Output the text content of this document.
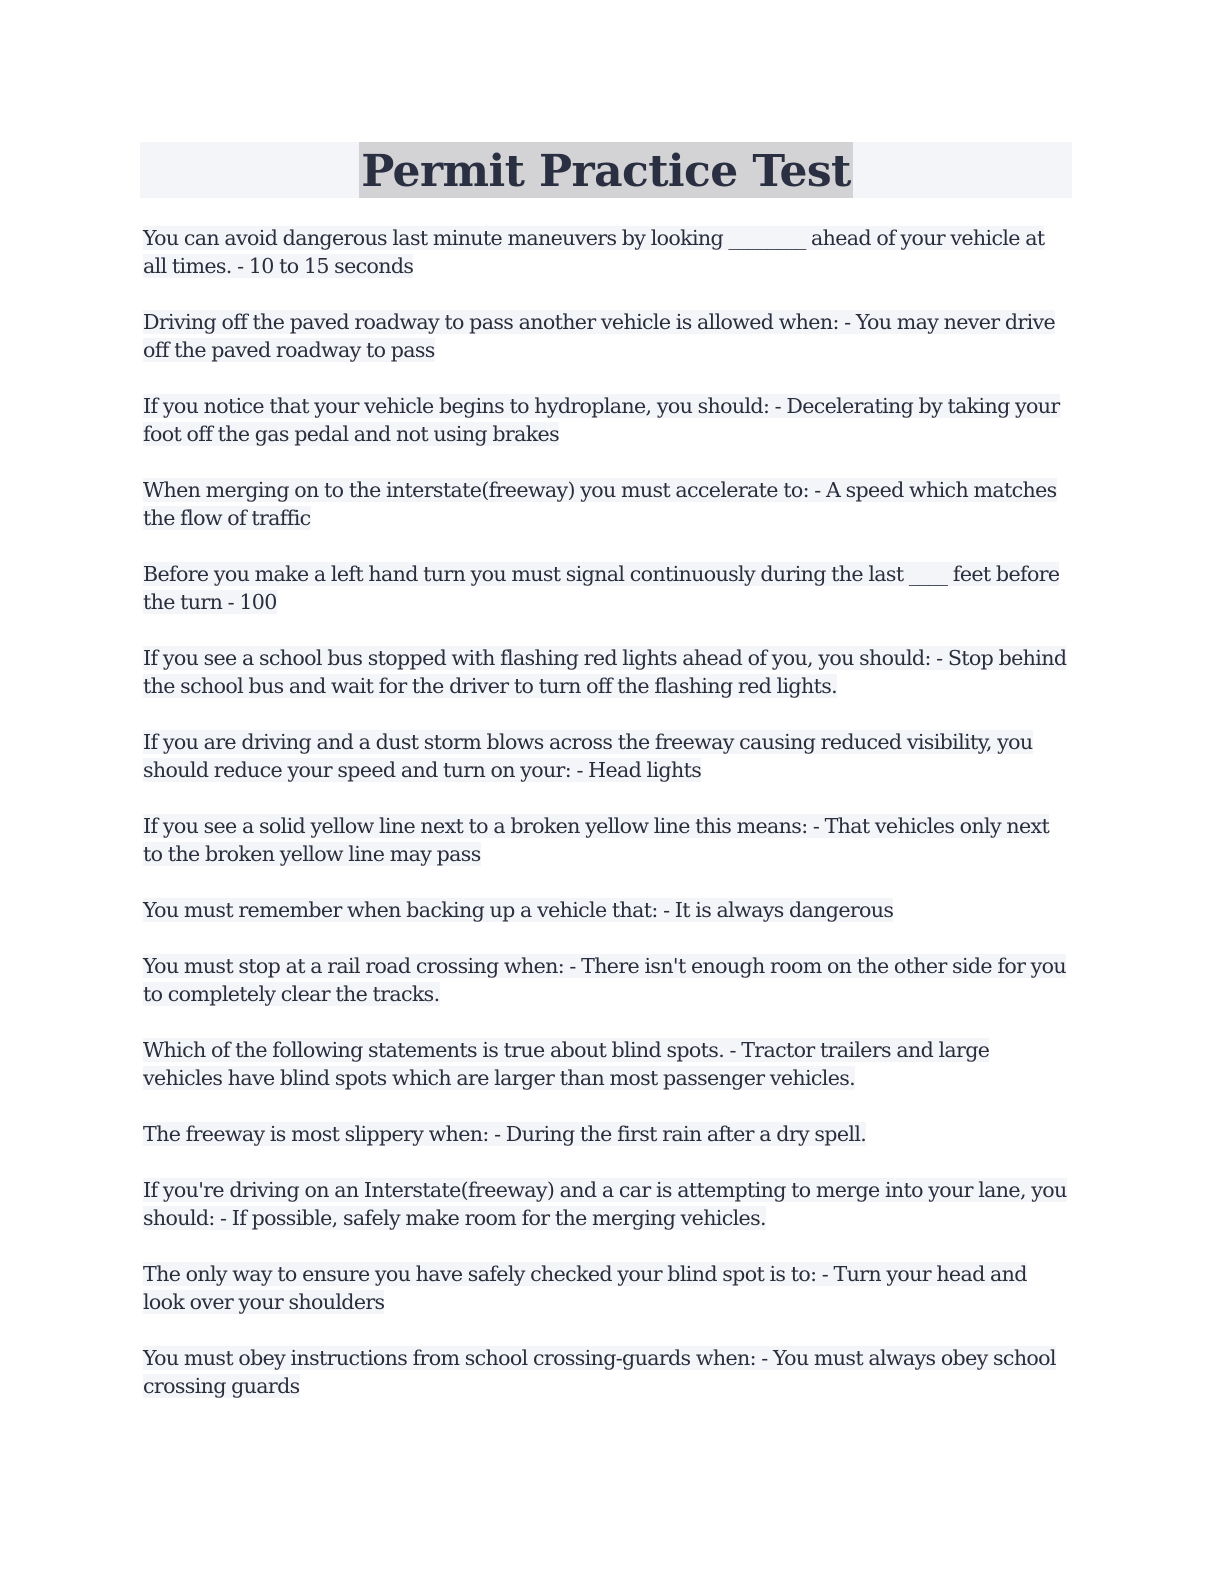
Permit Practice Test
You can avoid dangerous last minute maneuvers by looking ________ ahead of your vehicle at all times. - 10 to 15 seconds
Driving off the paved roadway to pass another vehicle is allowed when: - You may never drive off the paved roadway to pass
If you notice that your vehicle begins to hydroplane, you should: - Decelerating by taking your foot off the gas pedal and not using brakes
When merging on to the interstate(freeway) you must accelerate to: - A speed which matches the flow of traffic
Before you make a left hand turn you must signal continuously during the last ____ feet before the turn - 100
If you see a school bus stopped with flashing red lights ahead of you, you should: - Stop behind the school bus and wait for the driver to turn off the flashing red lights.
If you are driving and a dust storm blows across the freeway causing reduced visibility, you should reduce your speed and turn on your: - Head lights
If you see a solid yellow line next to a broken yellow line this means: - That vehicles only next to the broken yellow line may pass
You must remember when backing up a vehicle that: - It is always dangerous
You must stop at a rail road crossing when: - There isn't enough room on the other side for you to completely clear the tracks.
Which of the following statements is true about blind spots. - Tractor trailers and large vehicles have blind spots which are larger than most passenger vehicles.
The freeway is most slippery when: - During the first rain after a dry spell.
If you're driving on an Interstate(freeway) and a car is attempting to merge into your lane, you should: - If possible, safely make room for the merging vehicles.
The only way to ensure you have safely checked your blind spot is to: - Turn your head and look over your shoulders
You must obey instructions from school crossing-guards when: - You must always obey school crossing guards
